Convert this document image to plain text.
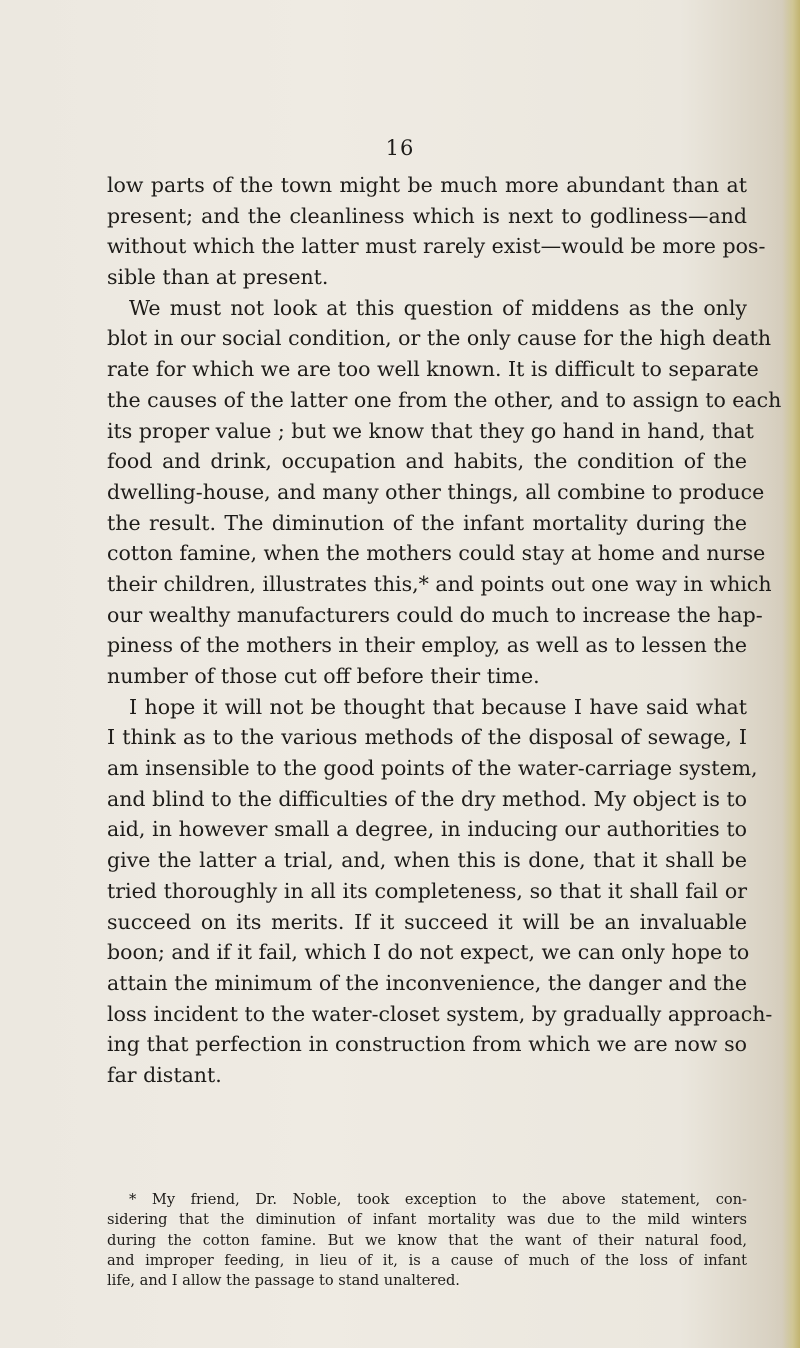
16
low parts of the town might be much more abundant than at
present; and the cleanliness which is next to godliness—and
without which the latter must rarely exist—would be more pos-
sible than at present.
We must not look at this question of middens as the only
blot in our social condition, or the only cause for the high death
rate for which we are too well known. It is difficult to separate
the causes of the latter one from the other, and to assign to each
its proper value ; but we know that they go hand in hand, that
food and drink, occupation and habits, the condition of the
dwelling-house, and many other things, all combine to produce
the result. The diminution of the infant mortality during the
cotton famine, when the mothers could stay at home and nurse
their children, illustrates this,* and points out one way in which
our wealthy manufacturers could do much to increase the hap-
piness of the mothers in their employ, as well as to lessen the
number of those cut off before their time.
I hope it will not be thought that because I have said what
I think as to the various methods of the disposal of sewage, I
am insensible to the good points of the water-carriage system,
and blind to the difficulties of the dry method. My object is to
aid, in however small a degree, in inducing our authorities to
give the latter a trial, and, when this is done, that it shall be
tried thoroughly in all its completeness, so that it shall fail or
succeed on its merits. If it succeed it will be an invaluable
boon; and if it fail, which I do not expect, we can only hope to
attain the minimum of the inconvenience, the danger and the
loss incident to the water-closet system, by gradually approach-
ing that perfection in construction from which we are now so
far distant.
* My friend, Dr. Noble, took exception to the above statement, con-
sidering that the diminution of infant mortality was due to the mild winters
during the cotton famine. But we know that the want of their natural food,
and improper feeding, in lieu of it, is a cause of much of the loss of infant
life, and I allow the passage to stand unaltered.
